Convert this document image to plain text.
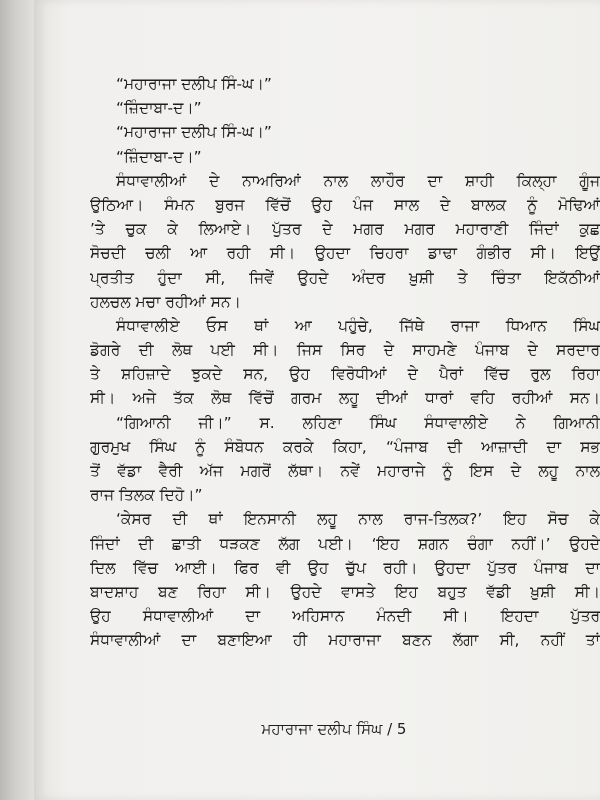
“ਮਹਾਰਾਜਾ ਦਲੀਪ ਸਿੰ-ਘ।”
“ਜ਼ਿੰਦਾਬਾ-ਦ।”
“ਮਹਾਰਾਜਾ ਦਲੀਪ ਸਿੰ-ਘ।”
“ਜ਼ਿੰਦਾਬਾ-ਦ।”
ਸੰਧਾਵਾਲੀਆਂ ਦੇ ਨਾਅਰਿਆਂ ਨਾਲ ਲਾਹੌਰ ਦਾ ਸ਼ਾਹੀ ਕਿਲ੍ਹਾ ਗੂੰਜ
ਉਠਿਆ। ਸੰਮਨ ਬੁਰਜ ਵਿੱਚੋਂ ਉਹ ਪੰਜ ਸਾਲ ਦੇ ਬਾਲਕ ਨੂੰ ਮੋਢਿਆਂ
’ਤੇ ਚੁਕ ਕੇ ਲਿਆਏ। ਪੁੱਤਰ ਦੇ ਮਗਰ ਮਗਰ ਮਹਾਰਾਣੀ ਜਿੰਦਾਂ ਕੁਛ
ਸੋਚਦੀ ਚਲੀ ਆ ਰਹੀ ਸੀ। ਉਹਦਾ ਚਿਹਰਾ ਡਾਢਾ ਗੰਭੀਰ ਸੀ। ਇਉਂ
ਪ੍ਰਤੀਤ ਹੁੰਦਾ ਸੀ, ਜਿਵੇਂ ਉਹਦੇ ਅੰਦਰ ਖ਼ੁਸ਼ੀ ਤੇ ਚਿੰਤਾ ਇਕੱਠੀਆਂ
ਹਲਚਲ ਮਚਾ ਰਹੀਆਂ ਸਨ।
ਸੰਧਾਵਾਲੀਏ ਓਸ ਥਾਂ ਆ ਪਹੁੰਚੇ, ਜਿੱਥੇ ਰਾਜਾ ਧਿਆਨ ਸਿੰਘ
ਡੋਗਰੇ ਦੀ ਲੋਥ ਪਈ ਸੀ। ਜਿਸ ਸਿਰ ਦੇ ਸਾਹਮਣੇ ਪੰਜਾਬ ਦੇ ਸਰਦਾਰ
ਤੇ ਸ਼ਹਿਜ਼ਾਦੇ ਝੁਕਦੇ ਸਨ, ਉਹ ਵਿਰੋਧੀਆਂ ਦੇ ਪੈਰਾਂ ਵਿੱਚ ਰੁਲ ਰਿਹਾ
ਸੀ। ਅਜੇ ਤੱਕ ਲੋਥ ਵਿੱਚੋਂ ਗਰਮ ਲਹੂ ਦੀਆਂ ਧਾਰਾਂ ਵਹਿ ਰਹੀਆਂ ਸਨ।
“ਗਿਆਨੀ ਜੀ।” ਸ. ਲਹਿਣਾ ਸਿੰਘ ਸੰਧਾਵਾਲੀਏ ਨੇ ਗਿਆਨੀ
ਗੁਰਮੁਖ ਸਿੰਘ ਨੂੰ ਸੰਬੋਧਨ ਕਰਕੇ ਕਿਹਾ, “ਪੰਜਾਬ ਦੀ ਆਜ਼ਾਦੀ ਦਾ ਸਭ
ਤੋਂ ਵੱਡਾ ਵੈਰੀ ਅੱਜ ਮਗਰੋਂ ਲੱਥਾ। ਨਵੇਂ ਮਹਾਰਾਜੇ ਨੂੰ ਇਸ ਦੇ ਲਹੂ ਨਾਲ
ਰਾਜ ਤਿਲਕ ਦਿਹੋ।”
‘ਕੇਸਰ ਦੀ ਥਾਂ ਇਨਸਾਨੀ ਲਹੂ ਨਾਲ ਰਾਜ-ਤਿਲਕ?’ ਇਹ ਸੋਚ ਕੇ
ਜਿੰਦਾਂ ਦੀ ਛਾਤੀ ਧੜਕਣ ਲੱਗ ਪਈ। ‘ਇਹ ਸ਼ਗਨ ਚੰਗਾ ਨਹੀਂ।’ ਉਹਦੇ
ਦਿਲ ਵਿੱਚ ਆਈ। ਫਿਰ ਵੀ ਉਹ ਚੁੱਪ ਰਹੀ। ਉਹਦਾ ਪੁੱਤਰ ਪੰਜਾਬ ਦਾ
ਬਾਦਸ਼ਾਹ ਬਣ ਰਿਹਾ ਸੀ। ਉਹਦੇ ਵਾਸਤੇ ਇਹ ਬਹੁਤ ਵੱਡੀ ਖ਼ੁਸ਼ੀ ਸੀ।
ਉਹ ਸੰਧਾਵਾਲੀਆਂ ਦਾ ਅਹਿਸਾਨ ਮੰਨਦੀ ਸੀ। ਇਹਦਾ ਪੁੱਤਰ
ਸੰਧਾਵਾਲੀਆਂ ਦਾ ਬਣਾਇਆ ਹੀ ਮਹਾਰਾਜਾ ਬਣਨ ਲੱਗਾ ਸੀ, ਨਹੀਂ ਤਾਂ
ਮਹਾਰਾਜਾ ਦਲੀਪ ਸਿੰਘ / 5
